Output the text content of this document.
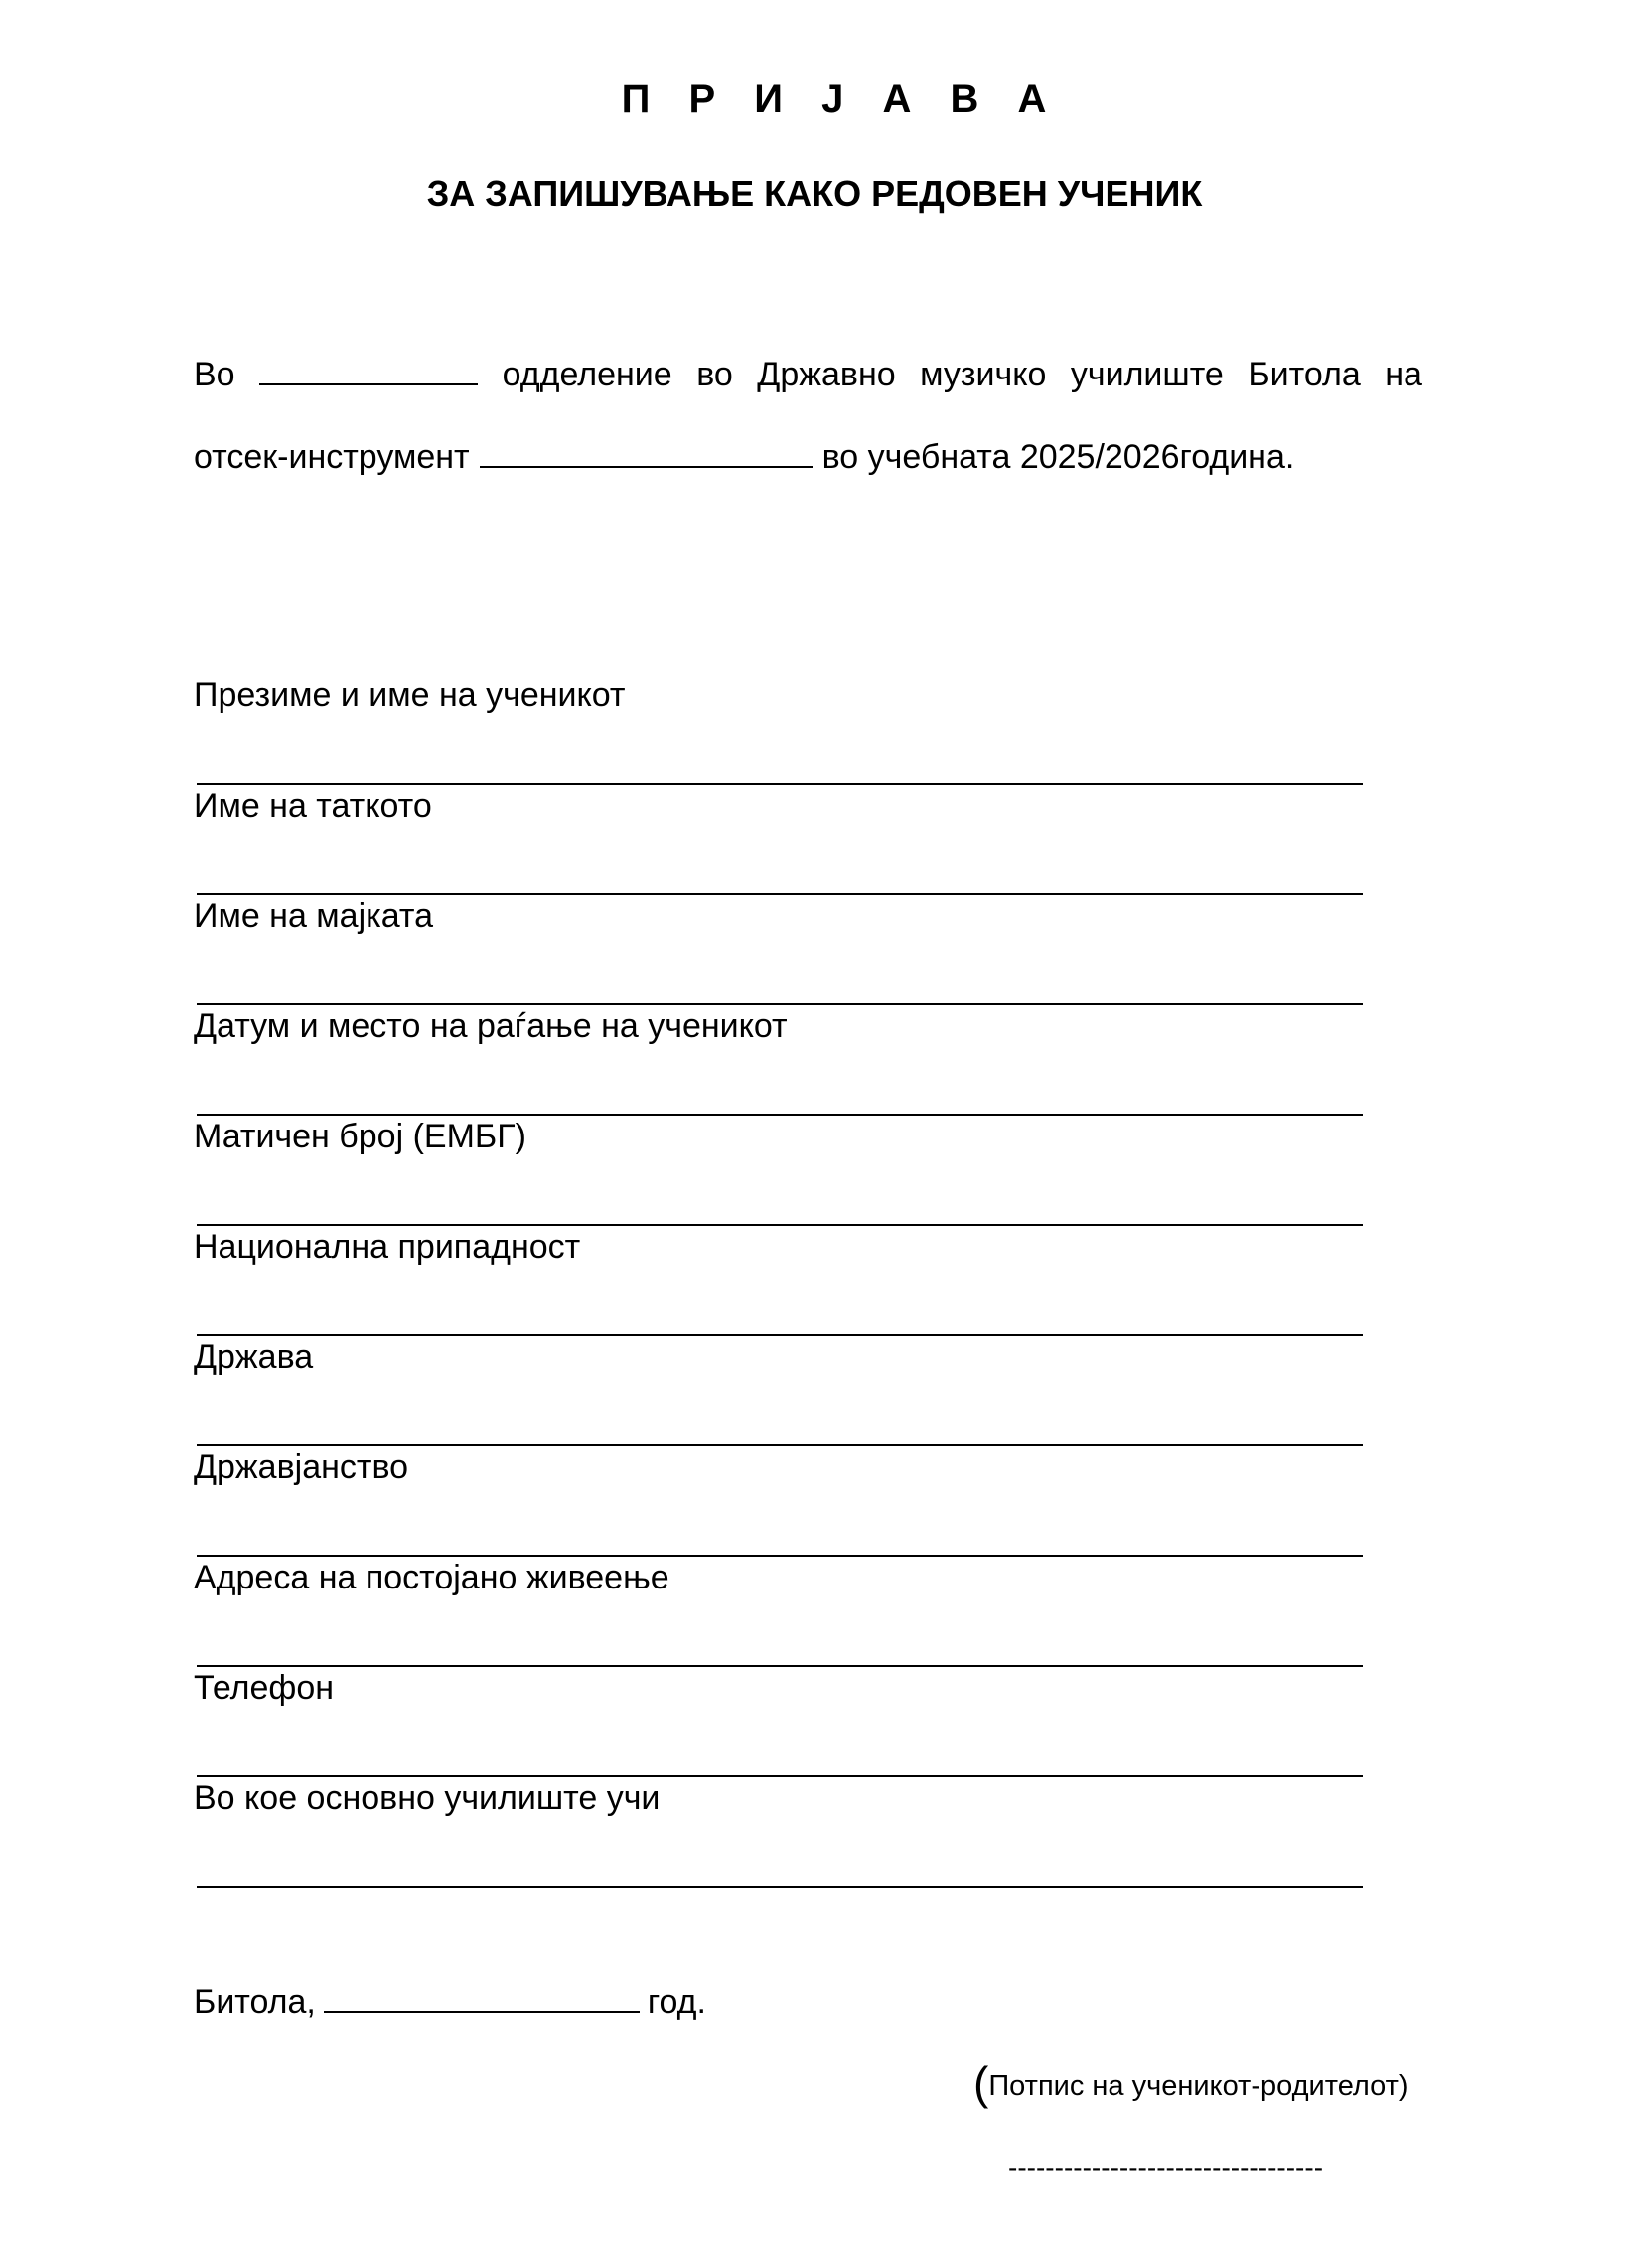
П Р И Ј А В А
ЗА ЗАПИШУВАЊЕ КАКО РЕДОВЕН УЧЕНИК
Во	одделение во Државно музичко училиште Битола на
отсек-инструмент	во учебната 2025/2026година.
Презиме и име на ученикот
Име на таткото
Име на мајката
Датум и место на раѓање на ученикот
Матичен број (ЕМБГ)
Национална припадност
Држава
Државјанство
Адреса на постојано живеење
Телефон
Во кое основно училиште учи
Битола,	год.
(Потпис на ученикот-родителот)
----------------------------------
